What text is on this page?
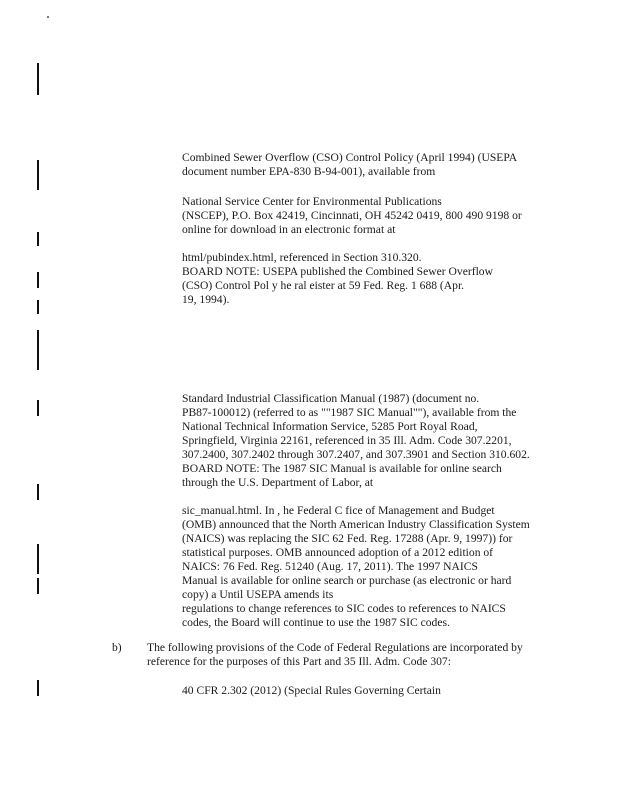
Combined Sewer Overflow (CSO) Control Policy (April 1994) (USEPA
document number EPA-830 B-94-001), available from
National Service Center for Environmental Publications
(NSCEP), P.O. Box 42419, Cincinnati, OH 45242 0419, 800 490 9198 or
online for download in an electronic format at
html/pubindex.html, referenced in Section 310.320.
BOARD NOTE: USEPA published the Combined Sewer Overflow
(CSO) Control Pol y he ral eister at 59 Fed. Reg. 1 688 (Apr.
19, 1994).
Standard Industrial Classification Manual (1987) (document no.
PB87-100012) (referred to as ""1987 SIC Manual""), available from the
National Technical Information Service, 5285 Port Royal Road,
Springfield, Virginia 22161, referenced in 35 Ill. Adm. Code 307.2201,
307.2400, 307.2402 through 307.2407, and 307.3901 and Section 310.602.
BOARD NOTE: The 1987 SIC Manual is available for online search
through the U.S. Department of Labor, at
sic_manual.html. In , he Federal C fice of Management and Budget
(OMB) announced that the North American Industry Classification System
(NAICS) was replacing the SIC 62 Fed. Reg. 17288 (Apr. 9, 1997)) for
statistical purposes. OMB announced adoption of a 2012 edition of
NAICS: 76 Fed. Reg. 51240 (Aug. 17, 2011). The 1997 NAICS
Manual is available for online search or purchase (as electronic or hard
copy) a Until USEPA amends its
regulations to change references to SIC codes to references to NAICS
codes, the Board will continue to use the 1987 SIC codes.
b) The following provisions of the Code of Federal Regulations are incorporated by
reference for the purposes of this Part and 35 Ill. Adm. Code 307:
40 CFR 2.302 (2012) (Special Rules Governing Certain
